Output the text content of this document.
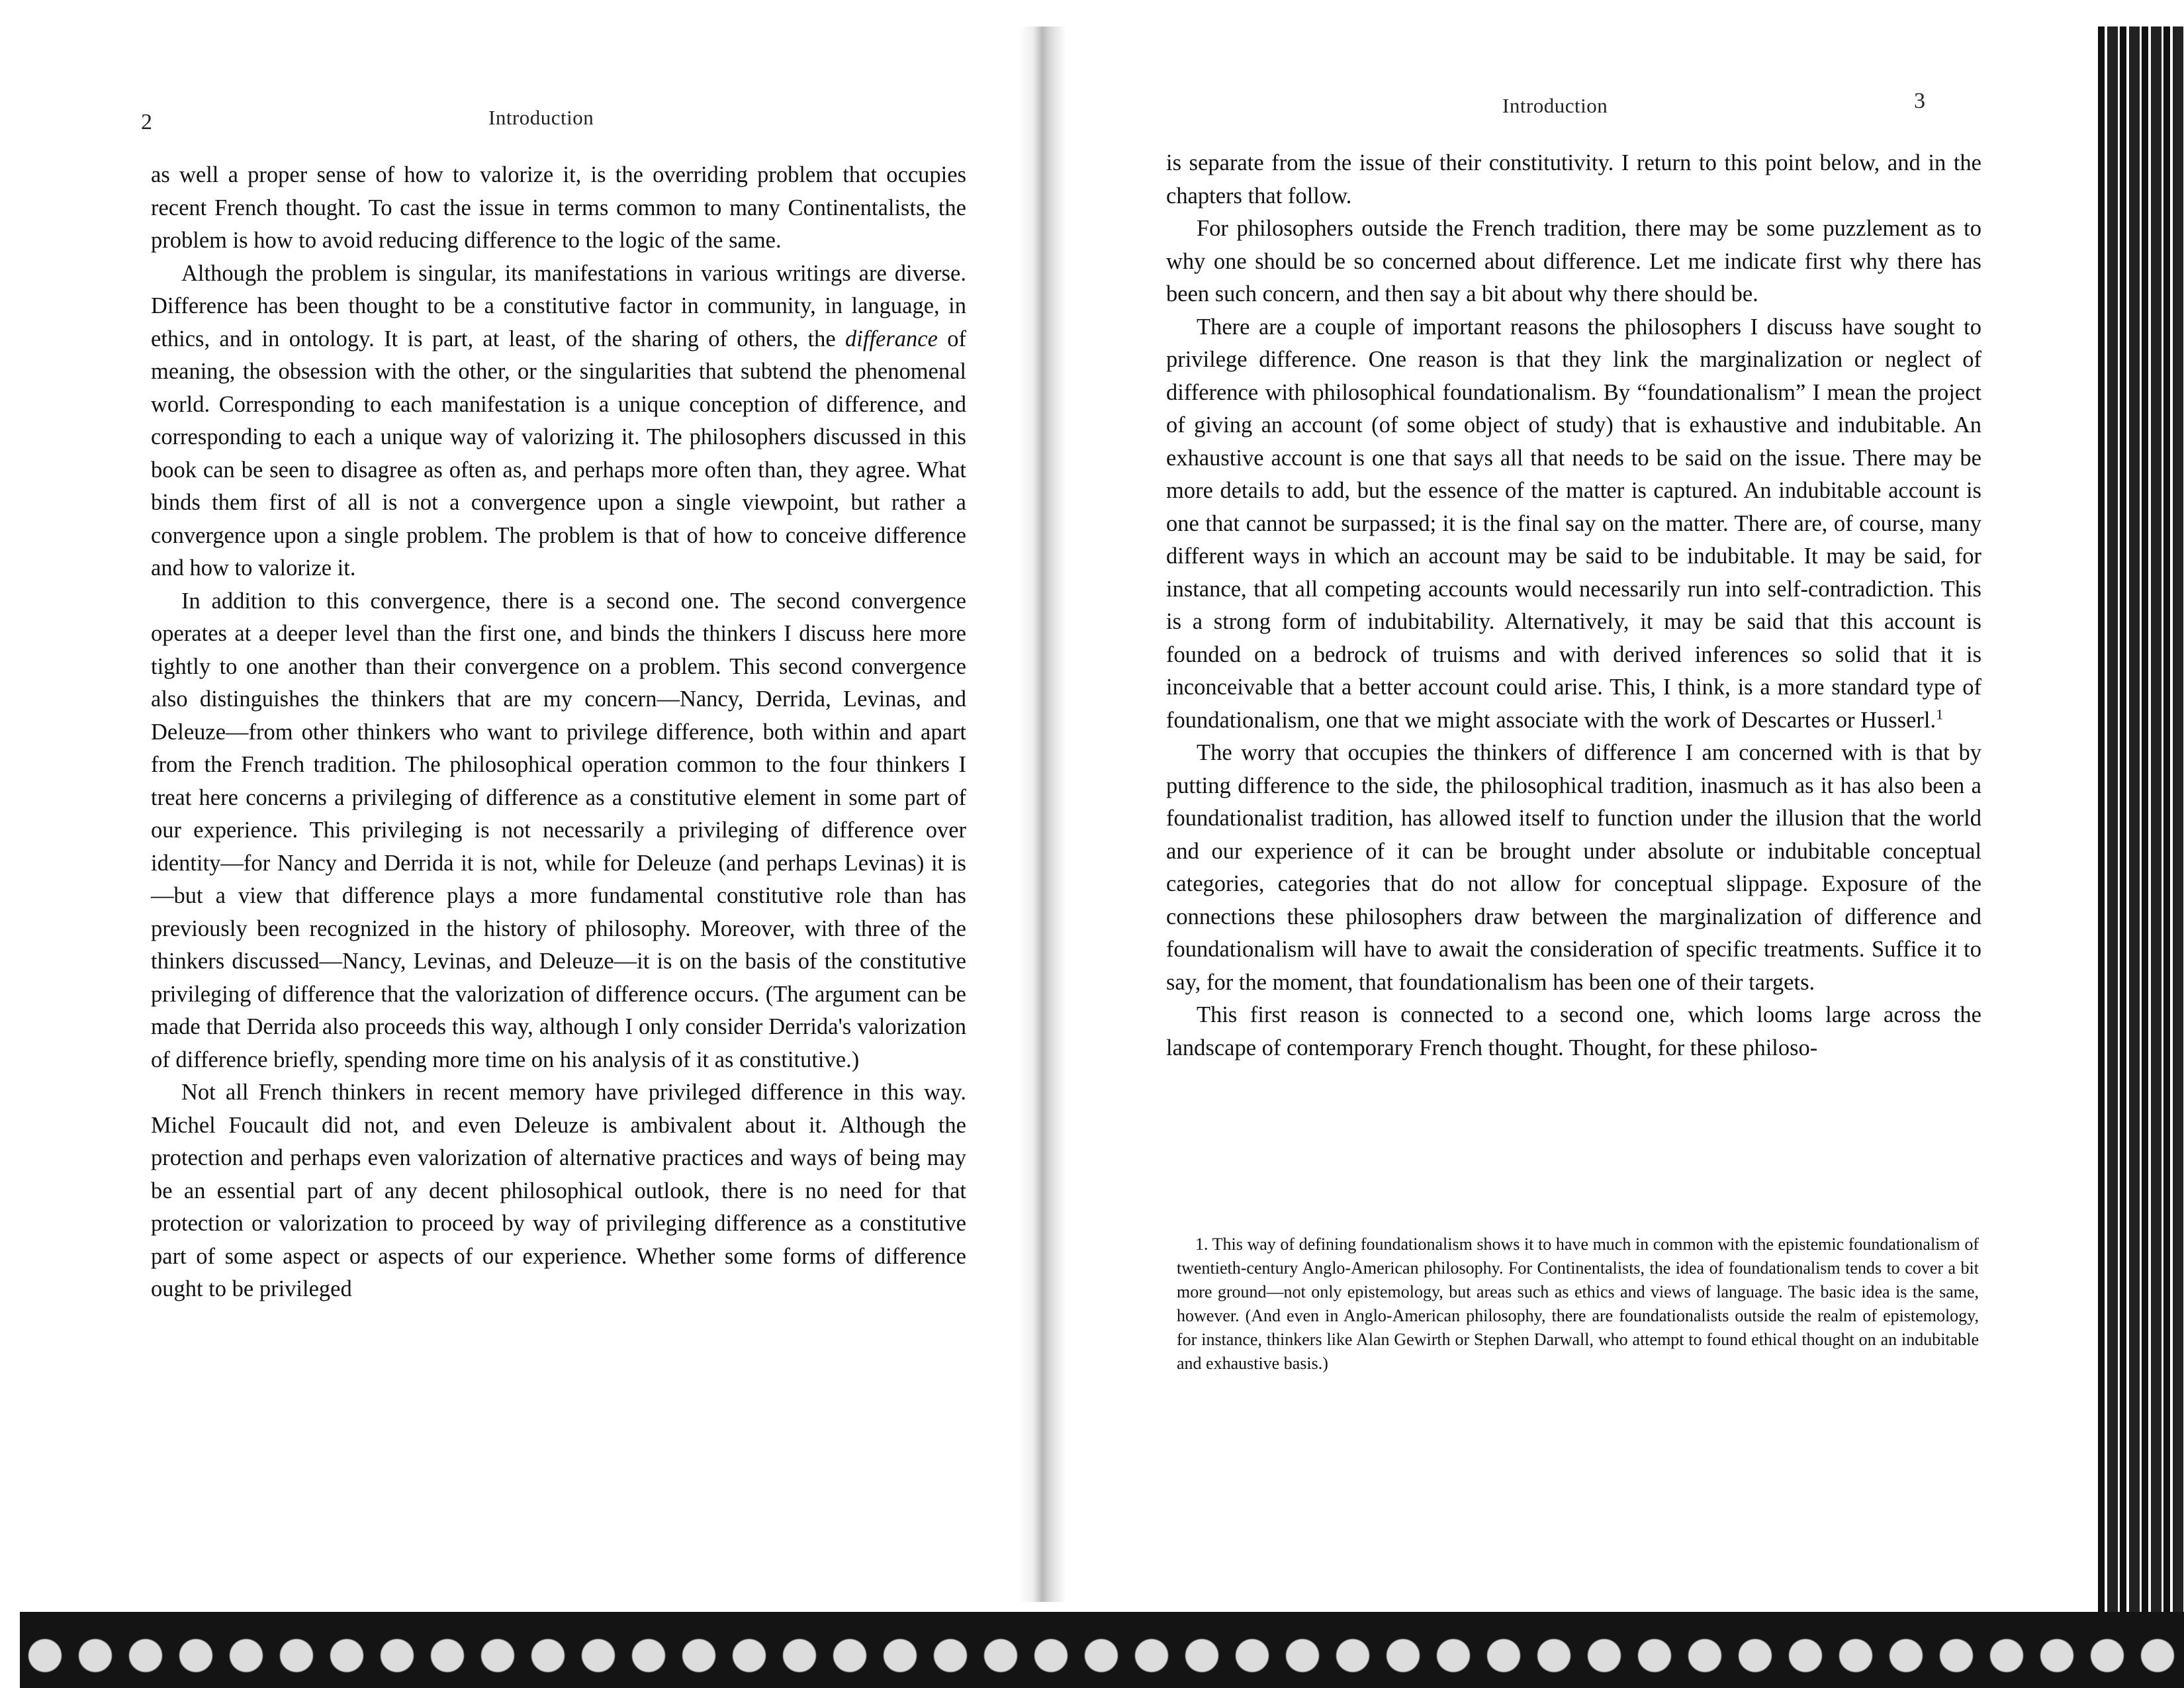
2	Introduction

as well a proper sense of how to valorize it, is the overriding problem that occupies recent French thought. To cast the issue in terms common to many Continentalists, the problem is how to avoid reducing difference to the logic of the same.

Although the problem is singular, its manifestations in various writings are diverse. Difference has been thought to be a constitutive factor in community, in language, in ethics, and in ontology. It is part, at least, of the sharing of others, the differance of meaning, the obsession with the other, or the singularities that subtend the phenomenal world. Corresponding to each manifestation is a unique conception of difference, and corresponding to each a unique way of valorizing it. The philosophers discussed in this book can be seen to disagree as often as, and perhaps more often than, they agree. What binds them first of all is not a convergence upon a single viewpoint, but rather a convergence upon a single problem. The problem is that of how to conceive difference and how to valorize it.

In addition to this convergence, there is a second one. The second convergence operates at a deeper level than the first one, and binds the thinkers I discuss here more tightly to one another than their convergence on a problem. This second convergence also distinguishes the thinkers that are my concern—Nancy, Derrida, Levinas, and Deleuze—from other thinkers who want to privilege difference, both within and apart from the French tradition. The philosophical operation common to the four thinkers I treat here concerns a privileging of difference as a constitutive element in some part of our experience. This privileging is not necessarily a privileging of difference over identity—for Nancy and Derrida it is not, while for Deleuze (and perhaps Levinas) it is—but a view that difference plays a more fundamental constitutive role than has previously been recognized in the history of philosophy. Moreover, with three of the thinkers discussed—Nancy, Levinas, and Deleuze—it is on the basis of the constitutive privileging of difference that the valorization of difference occurs. (The argument can be made that Derrida also proceeds this way, although I only consider Derrida's valorization of difference briefly, spending more time on his analysis of it as constitutive.)

Not all French thinkers in recent memory have privileged difference in this way. Michel Foucault did not, and even Deleuze is ambivalent about it. Although the protection and perhaps even valorization of alternative practices and ways of being may be an essential part of any decent philosophical outlook, there is no need for that protection or valorization to proceed by way of privileging difference as a constitutive part of some aspect or aspects of our experience. Whether some forms of difference ought to be privileged

Introduction	3

is separate from the issue of their constitutivity. I return to this point below, and in the chapters that follow.

For philosophers outside the French tradition, there may be some puzzlement as to why one should be so concerned about difference. Let me indicate first why there has been such concern, and then say a bit about why there should be.

There are a couple of important reasons the philosophers I discuss have sought to privilege difference. One reason is that they link the marginalization or neglect of difference with philosophical foundationalism. By “foundationalism” I mean the project of giving an account (of some object of study) that is exhaustive and indubitable. An exhaustive account is one that says all that needs to be said on the issue. There may be more details to add, but the essence of the matter is captured. An indubitable account is one that cannot be surpassed; it is the final say on the matter. There are, of course, many different ways in which an account may be said to be indubitable. It may be said, for instance, that all competing accounts would necessarily run into self-contradiction. This is a strong form of indubitability. Alternatively, it may be said that this account is founded on a bedrock of truisms and with derived inferences so solid that it is inconceivable that a better account could arise. This, I think, is a more standard type of foundationalism, one that we might associate with the work of Descartes or Husserl.$^1$

The worry that occupies the thinkers of difference I am concerned with is that by putting difference to the side, the philosophical tradition, inasmuch as it has also been a foundationalist tradition, has allowed itself to function under the illusion that the world and our experience of it can be brought under absolute or indubitable conceptual categories, categories that do not allow for conceptual slippage. Exposure of the connections these philosophers draw between the marginalization of difference and foundationalism will have to await the consideration of specific treatments. Suffice it to say, for the moment, that foundationalism has been one of their targets.

This first reason is connected to a second one, which looms large across the landscape of contemporary French thought. Thought, for these philoso-

1. This way of defining foundationalism shows it to have much in common with the epistemic foundationalism of twentieth-century Anglo-American philosophy. For Continentalists, the idea of foundationalism tends to cover a bit more ground—not only epistemology, but areas such as ethics and views of language. The basic idea is the same, however. (And even in Anglo-American philosophy, there are foundationalists outside the realm of epistemology, for instance, thinkers like Alan Gewirth or Stephen Darwall, who attempt to found ethical thought on an indubitable and exhaustive basis.)
